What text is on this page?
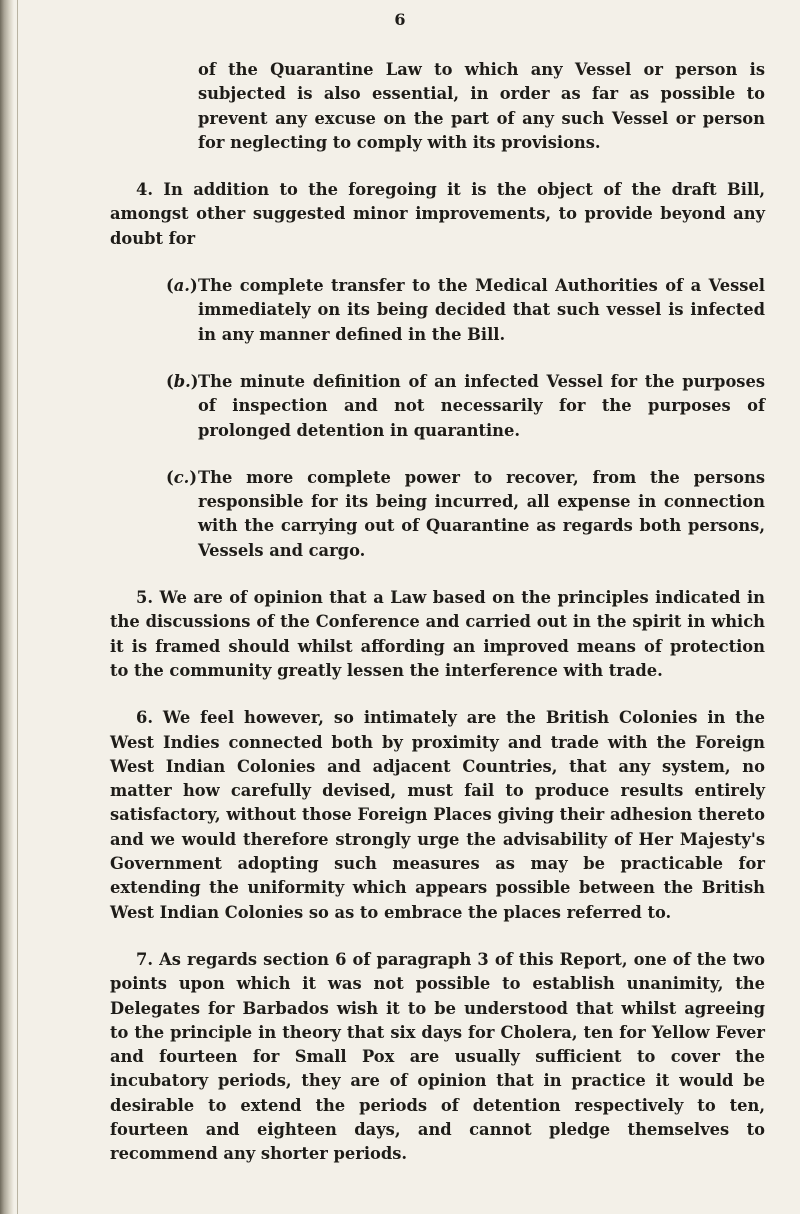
6

of the Quarantine Law to which any Vessel or person is subjected is also essential, in order as far as possible to prevent any excuse on the part of any such Vessel or person for neglecting to comply with its provisions.

4. In addition to the foregoing it is the object of the draft Bill, amongst other suggested minor improvements, to provide beyond any doubt for

(a.) The complete transfer to the Medical Authorities of a Vessel immediately on its being decided that such vessel is infected in any manner defined in the Bill.

(b.) The minute definition of an infected Vessel for the purposes of inspection and not necessarily for the purposes of prolonged detention in quarantine.

(c.) The more complete power to recover, from the persons responsible for its being incurred, all expense in connection with the carrying out of Quarantine as regards both persons, Vessels and cargo.

5. We are of opinion that a Law based on the principles indicated in the discussions of the Conference and carried out in the spirit in which it is framed should whilst affording an improved means of protection to the community greatly lessen the interference with trade.

6. We feel however, so intimately are the British Colonies in the West Indies connected both by proximity and trade with the Foreign West Indian Colonies and adjacent Countries, that any system, no matter how carefully devised, must fail to produce results entirely satisfactory, without those Foreign Places giving their adhesion thereto and we would therefore strongly urge the advisability of Her Majesty's Government adopting such measures as may be practicable for extending the uniformity which appears possible between the British West Indian Colonies so as to embrace the places referred to.

7. As regards section 6 of paragraph 3 of this Report, one of the two points upon which it was not possible to establish unanimity, the Delegates for Barbados wish it to be understood that whilst agreeing to the principle in theory that six days for Cholera, ten for Yellow Fever and fourteen for Small Pox are usually sufficient to cover the incubatory periods, they are of opinion that in practice it would be desirable to extend the periods of detention respectively to ten, fourteen and eighteen days, and cannot pledge themselves to recommend any shorter periods.
